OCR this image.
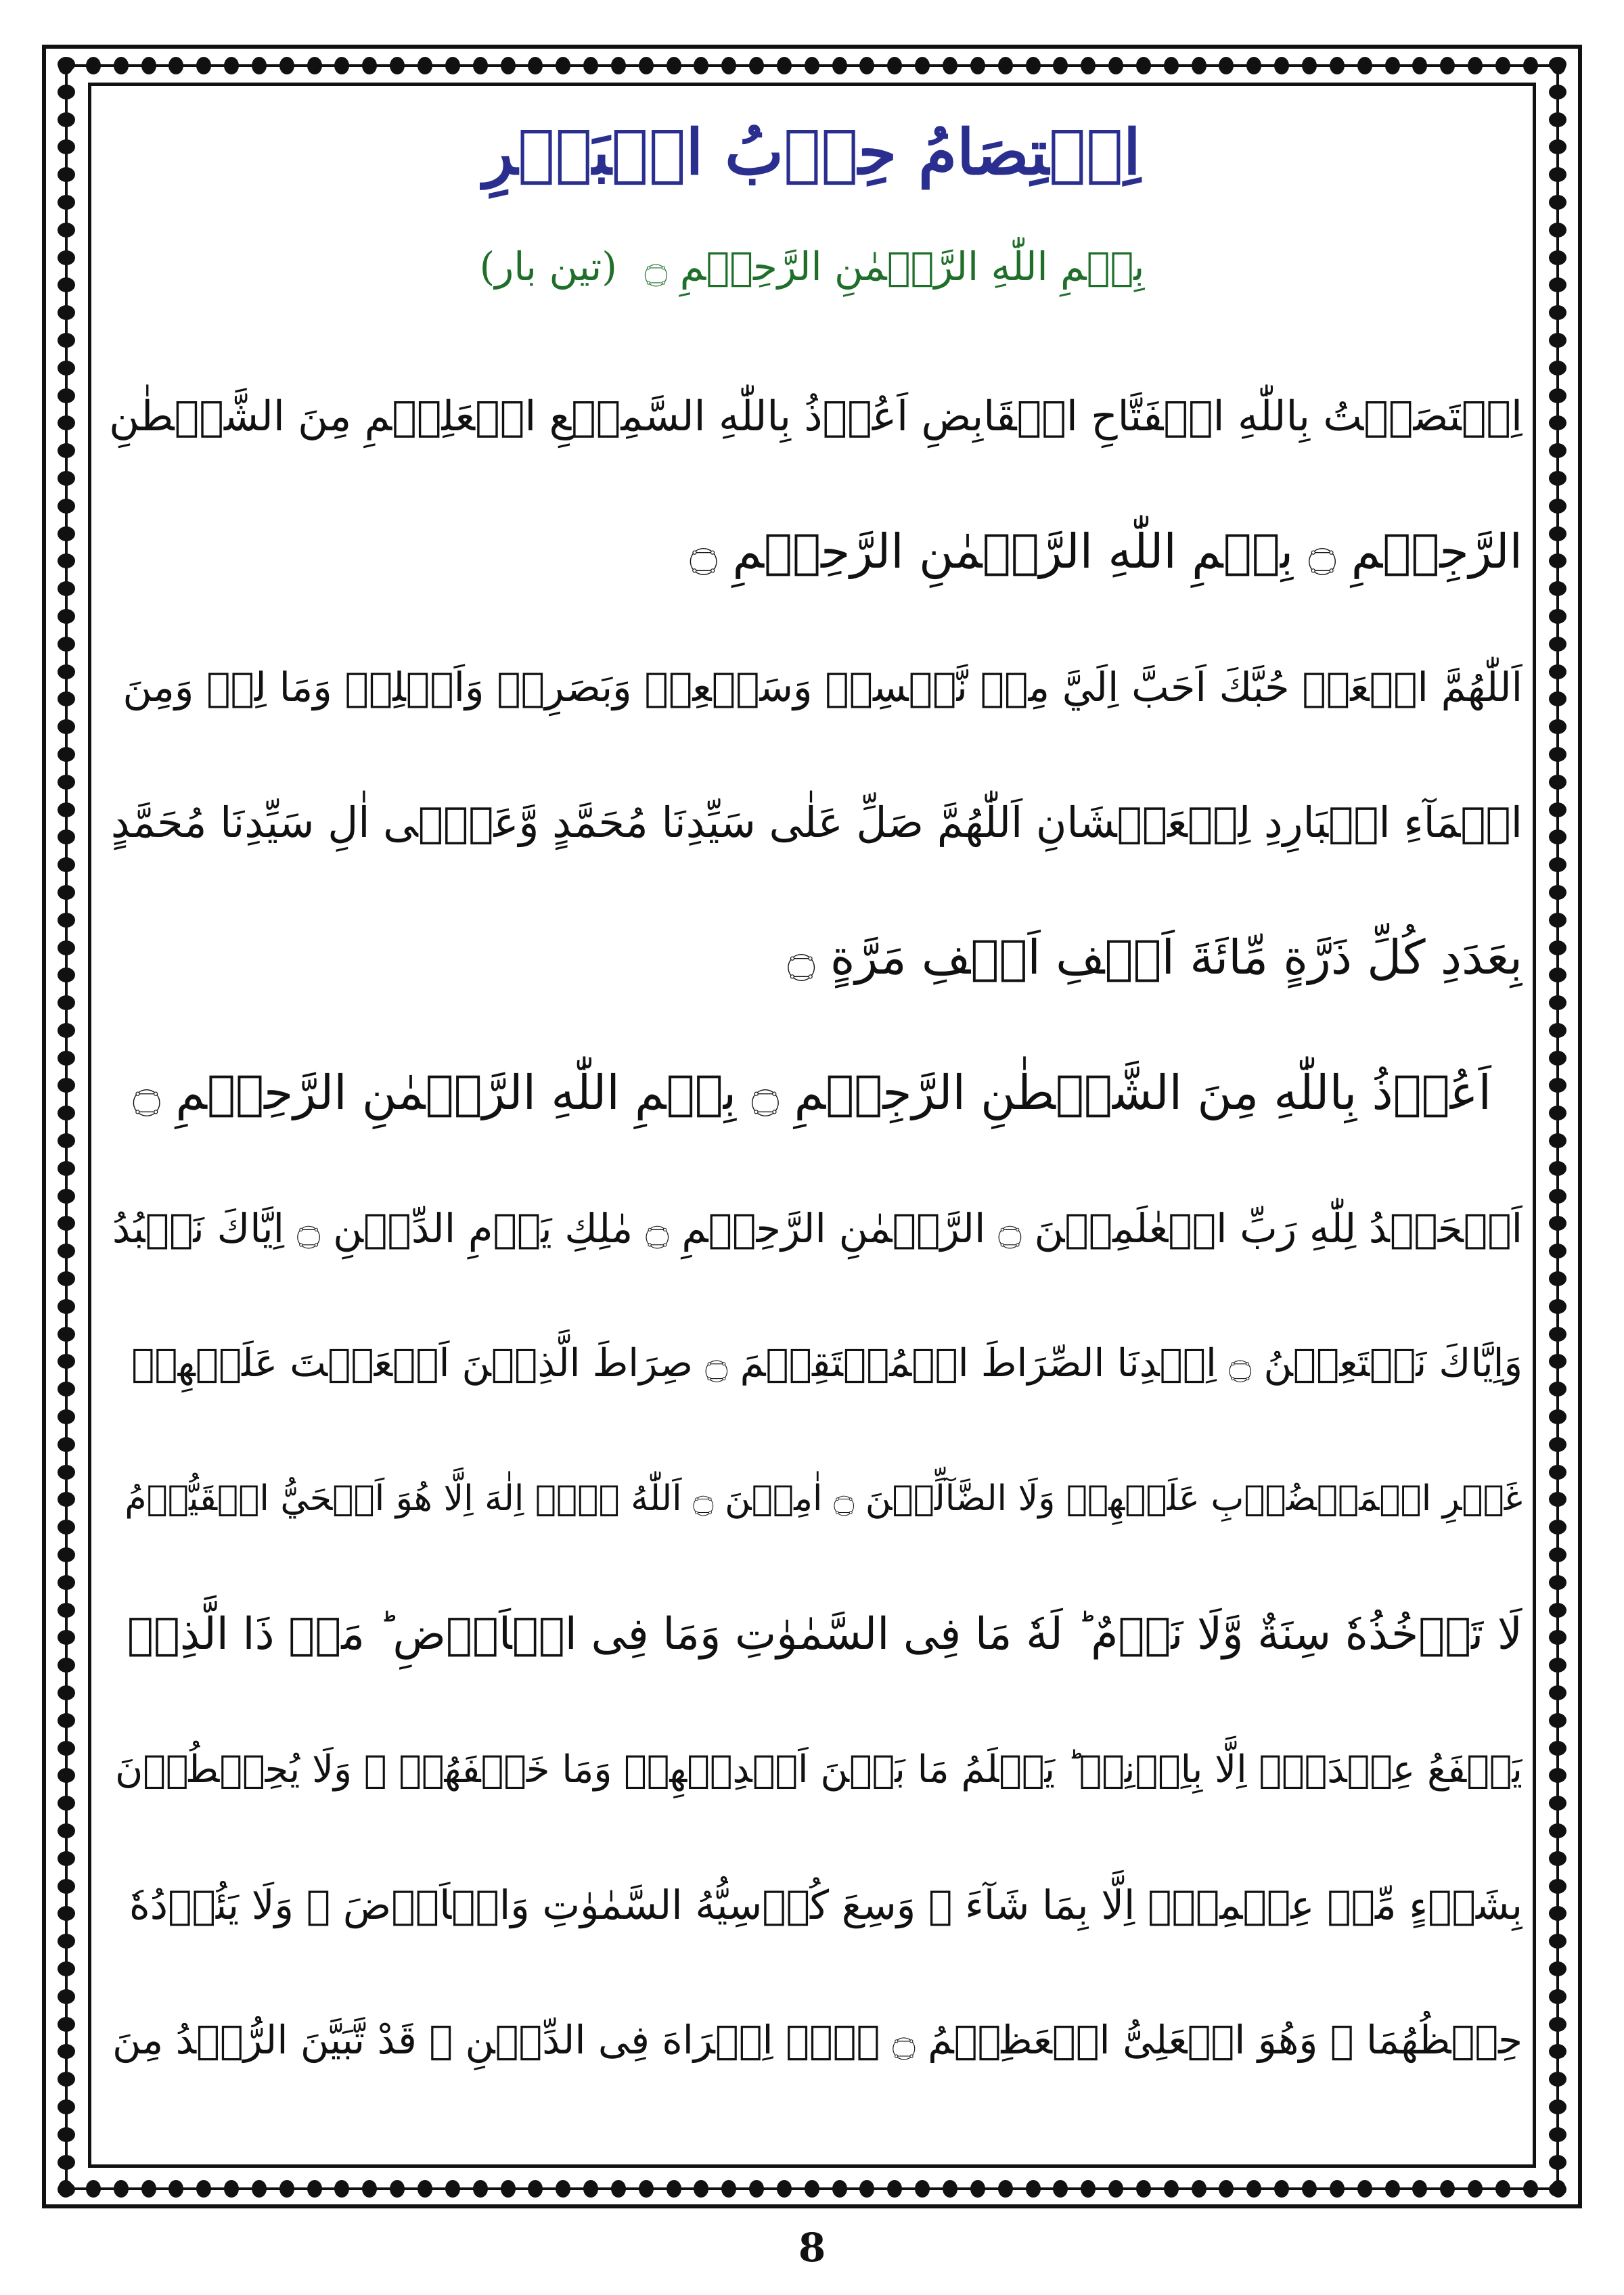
اِعۡتِصَامُ حِزۡبُ الۡبَحۡرِ
بِسۡمِ اللّٰهِ الرَّحۡمٰنِ الرَّحِيۡمِ ۝ (تین بار)
اِعۡتَصَمۡتُ بِاللّٰهِ الۡفَتَّاحِ الۡقَابِضِ اَعُوۡذُ بِاللّٰهِ السَّمِيۡعِ الۡعَلِيۡمِ مِنَ الشَّيۡطٰنِ
الرَّجِيۡمِ ۝ بِسۡمِ اللّٰهِ الرَّحۡمٰنِ الرَّحِيۡمِ ۝
اَللّٰهُمَّ اجۡعَلۡ حُبَّكَ اَحَبَّ اِلَيَّ مِنۡ نَّفۡسِيۡ وَسَمۡعِيۡ وَبَصَرِيۡ وَاَهۡلِيۡ وَمَا لِيۡ وَمِنَ
الۡمَآءِ الۡبَارِدِ لِلۡعَطۡشَانِ اَللّٰهُمَّ صَلِّ عَلٰى سَيِّدِنَا مُحَمَّدٍ وَّعَلٰۤى اٰلِ سَيِّدِنَا مُحَمَّدٍ
بِعَدَدِ كُلِّ ذَرَّةٍ مِّائَةَ اَلۡفِ اَلۡفِ مَرَّةٍ ۝
اَعُوۡذُ بِاللّٰهِ مِنَ الشَّيۡطٰنِ الرَّجِيۡمِ ۝ بِسۡمِ اللّٰهِ الرَّحۡمٰنِ الرَّحِيۡمِ ۝
اَلۡحَمۡدُ لِلّٰهِ رَبِّ الۡعٰلَمِيۡنَ ۝ الرَّحۡمٰنِ الرَّحِيۡمِ ۝ مٰلِكِ يَوۡمِ الدِّيۡنِ ۝ اِيَّاكَ نَعۡبُدُ
وَاِيَّاكَ نَسۡتَعِيۡنُ ۝ اِهۡدِنَا الصِّرَاطَ الۡمُسۡتَقِيۡمَ ۝ صِرَاطَ الَّذِيۡنَ اَنۡعَمۡتَ عَلَيۡهِمۡ
غَيۡرِ الۡمَغۡضُوۡبِ عَلَيۡهِمۡ وَلَا الضَّآلِّيۡنَ ۝ اٰمِيۡنَ ۝ اَللّٰهُ لَاۤ اِلٰهَ اِلَّا هُوَ اَلۡحَيُّ الۡقَيُّوۡمُ
لَا تَاۡخُذُهٗ سِنَةٌ وَّلَا نَوۡمٌ ؕ لَهٗ مَا فِى السَّمٰوٰتِ وَمَا فِى الۡاَرۡضِ ؕ مَنۡ ذَا الَّذِىۡ
يَشۡفَعُ عِنۡدَهٗۤ اِلَّا بِاِذۡنِهٖ ؕ يَعۡلَمُ مَا بَيۡنَ اَيۡدِيۡهِمۡ وَمَا خَلۡفَهُمۡ ۚ وَلَا يُحِيۡطُوۡنَ
بِشَىۡءٍ مِّنۡ عِلۡمِهٖۤ اِلَّا بِمَا شَآءَ ۚ وَسِعَ كُرۡسِيُّهُ السَّمٰوٰتِ وَالۡاَرۡضَ ۚ وَلَا يَئُوۡدُهٗ
حِفۡظُهُمَا ۚ وَهُوَ الۡعَلِىُّ الۡعَظِيۡمُ ۝ لَاۤ اِكۡرَاهَ فِى الدِّيۡنِ ۙ قَدْ تَّبَيَّنَ الرُّشۡدُ مِنَ
8
